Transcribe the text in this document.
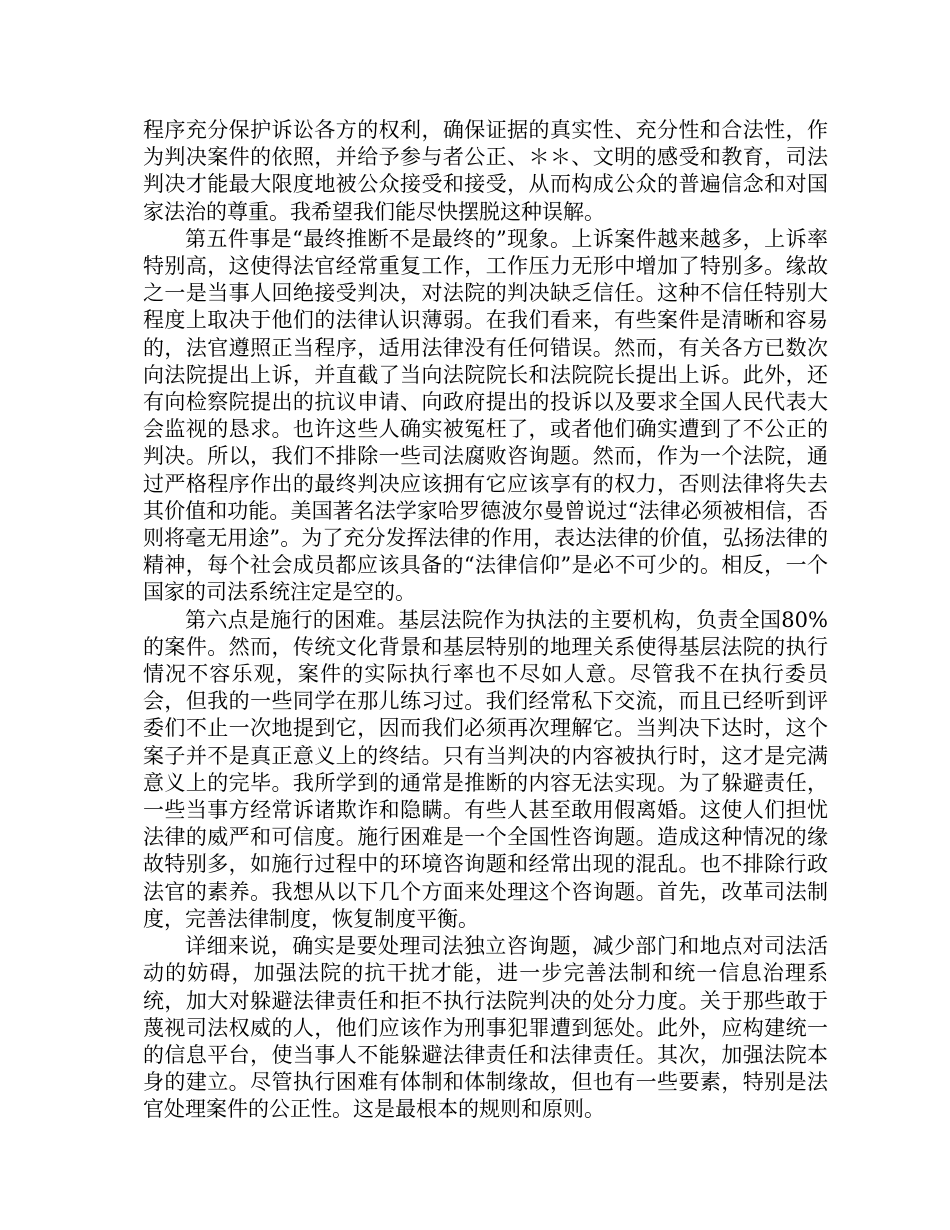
程序充分保护诉讼各方的权利，确保证据的真实性、充分性和合法性，作为判决案件的依照，并给予参与者公正、＊＊、文明的感受和教育，司法判决才能最大限度地被公众接受和接受，从而构成公众的普遍信念和对国家法治的尊重。我希望我们能尽快摆脱这种误解。

第五件事是“最终推断不是最终的”现象。上诉案件越来越多，上诉率特别高，这使得法官经常重复工作，工作压力无形中增加了特别多。缘故之一是当事人回绝接受判决，对法院的判决缺乏信任。这种不信任特别大程度上取决于他们的法律认识薄弱。在我们看来，有些案件是清晰和容易的，法官遵照正当程序，适用法律没有任何错误。然而，有关各方已数次向法院提出上诉，并直截了当向法院院长和法院院长提出上诉。此外，还有向检察院提出的抗议申请、向政府提出的投诉以及要求全国人民代表大会监视的恳求。也许这些人确实被冤枉了，或者他们确实遭到了不公正的判决。所以，我们不排除一些司法腐败咨询题。然而，作为一个法院，通过严格程序作出的最终判决应该拥有它应该享有的权力，否则法律将失去其价值和功能。美国著名法学家哈罗德波尔曼曾说过“法律必须被相信，否则将毫无用途”。为了充分发挥法律的作用，表达法律的价值，弘扬法律的精神，每个社会成员都应该具备的“法律信仰”是必不可少的。相反，一个国家的司法系统注定是空的。

第六点是施行的困难。基层法院作为执法的主要机构，负责全国80%的案件。然而，传统文化背景和基层特别的地理关系使得基层法院的执行情况不容乐观，案件的实际执行率也不尽如人意。尽管我不在执行委员会，但我的一些同学在那儿练习过。我们经常私下交流，而且已经听到评委们不止一次地提到它，因而我们必须再次理解它。当判决下达时，这个案子并不是真正意义上的终结。只有当判决的内容被执行时，这才是完满意义上的完毕。我所学到的通常是推断的内容无法实现。为了躲避责任，一些当事方经常诉诸欺诈和隐瞒。有些人甚至敢用假离婚。这使人们担忧法律的威严和可信度。施行困难是一个全国性咨询题。造成这种情况的缘故特别多，如施行过程中的环境咨询题和经常出现的混乱。也不排除行政法官的素养。我想从以下几个方面来处理这个咨询题。首先，改革司法制度，完善法律制度，恢复制度平衡。

详细来说，确实是要处理司法独立咨询题，减少部门和地点对司法活动的妨碍，加强法院的抗干扰才能，进一步完善法制和统一信息治理系统，加大对躲避法律责任和拒不执行法院判决的处分力度。关于那些敢于蔑视司法权威的人，他们应该作为刑事犯罪遭到惩处。此外，应构建统一的信息平台，使当事人不能躲避法律责任和法律责任。其次，加强法院本身的建立。尽管执行困难有体制和体制缘故，但也有一些要素，特别是法官处理案件的公正性。这是最根本的规则和原则。
